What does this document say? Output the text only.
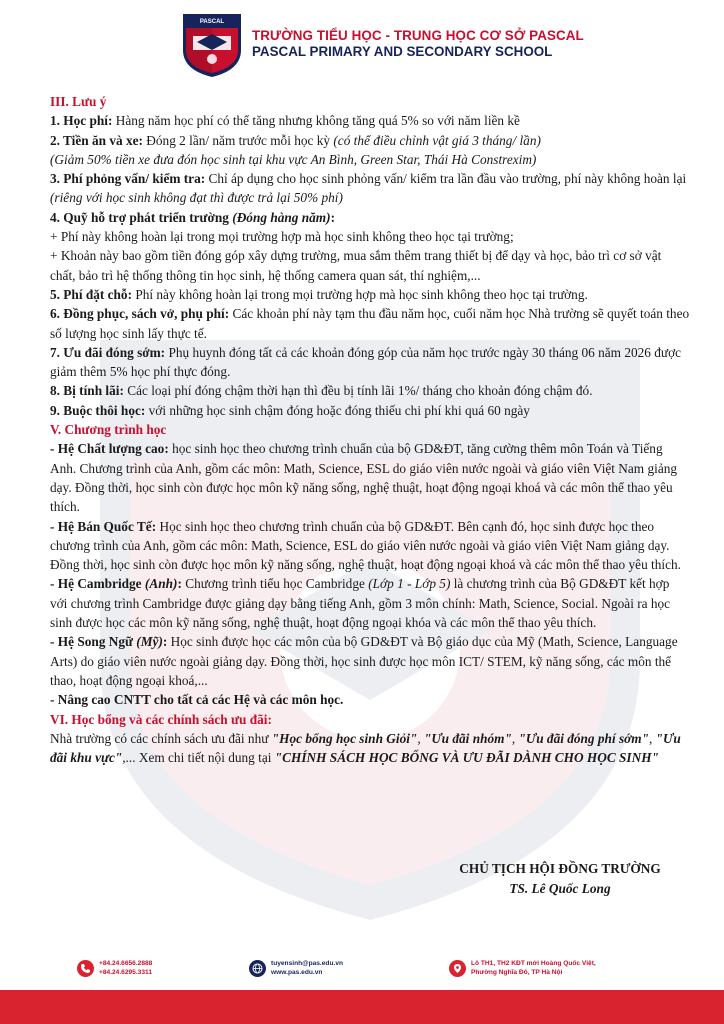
PASCAL
TRƯỜNG TIỂU HỌC - TRUNG HỌC CƠ SỞ PASCAL
PASCAL PRIMARY AND SECONDARY SCHOOL

III. Lưu ý

1. Học phí: Hàng năm học phí có thể tăng nhưng không tăng quá 5% so với năm liền kề

2. Tiền ăn và xe: Đóng 2 lần/ năm trước mỗi học kỳ (có thể điều chỉnh vật giá 3 tháng/ lần)

(Giảm 50% tiền xe đưa đón học sinh tại khu vực An Bình, Green Star, Thái Hà Constrexim)

3. Phí phỏng vấn/ kiểm tra: Chỉ áp dụng cho học sinh phỏng vấn/ kiểm tra lần đầu vào trường, phí này không hoàn lại (riêng với học sinh không đạt thì được trả lại 50% phí)

4. Quỹ hỗ trợ phát triển trường (Đóng hàng năm):

+ Phí này không hoàn lại trong mọi trường hợp mà học sinh không theo học tại trường;

+ Khoản này bao gồm tiền đóng góp xây dựng trường, mua sắm thêm trang thiết bị để dạy và học, bảo trì cơ sở vật chất, bảo trì hệ thống thông tin học sinh, hệ thống camera quan sát, thí nghiệm,...

5. Phí đặt chỗ: Phí này không hoàn lại trong mọi trường hợp mà học sinh không theo học tại trường.

6. Đồng phục, sách vở, phụ phí: Các khoản phí này tạm thu đầu năm học, cuối năm học Nhà trường sẽ quyết toán theo số lượng học sinh lấy thực tế.

7. Ưu đãi đóng sớm: Phụ huynh đóng tất cả các khoản đóng góp của năm học trước ngày 30 tháng 06 năm 2026 được giảm thêm 5% học phí thực đóng.

8. Bị tính lãi: Các loại phí đóng chậm thời hạn thì đều bị tính lãi 1%/ tháng cho khoản đóng chậm đó.

9. Buộc thôi học: với những học sinh chậm đóng hoặc đóng thiếu chi phí khi quá 60 ngày

V. Chương trình học

- Hệ Chất lượng cao: học sinh học theo chương trình chuẩn của bộ GD&ĐT, tăng cường thêm môn Toán và Tiếng Anh. Chương trình của Anh, gồm các môn: Math, Science, ESL do giáo viên nước ngoài và giáo viên Việt Nam giảng dạy. Đồng thời, học sinh còn được học môn kỹ năng sống, nghệ thuật, hoạt động ngoại khoá và các môn thể thao yêu thích.

- Hệ Bán Quốc Tế: Học sinh học theo chương trình chuẩn của bộ GD&ĐT. Bên cạnh đó, học sinh được học theo chương trình của Anh, gồm các môn: Math, Science, ESL do giáo viên nước ngoài và giáo viên Việt Nam giảng dạy. Đồng thời, học sinh còn được học môn kỹ năng sống, nghệ thuật, hoạt động ngoại khoá và các môn thể thao yêu thích.

- Hệ Cambridge (Anh): Chương trình tiểu học Cambridge (Lớp 1 - Lớp 5) là chương trình của Bộ GD&ĐT kết hợp với chương trình Cambridge được giảng dạy bằng tiếng Anh, gồm 3 môn chính: Math, Science, Social. Ngoài ra học sinh được học các môn kỹ năng sống, nghệ thuật, hoạt động ngoại khóa và các môn thể thao yêu thích.

- Hệ Song Ngữ (Mỹ): Học sinh được học các môn của bộ GD&ĐT và Bộ giáo dục của Mỹ (Math, Science, Language Arts) do giáo viên nước ngoài giảng dạy. Đồng thời, học sinh được học môn ICT/ STEM, kỹ năng sống, các môn thể thao, hoạt động ngoại khoá,...

- Nâng cao CNTT cho tất cả các Hệ và các môn học.

VI. Học bổng và các chính sách ưu đãi:

Nhà trường có các chính sách ưu đãi như "Học bổng học sinh Giỏi", "Ưu đãi nhóm", "Ưu đãi đóng phí sớm", "Ưu đãi khu vực",... Xem chi tiết nội dung tại "CHÍNH SÁCH HỌC BỔNG VÀ ƯU ĐÃI DÀNH CHO HỌC SINH"

CHỦ TỊCH HỘI ĐỒNG TRƯỜNG
TS. Lê Quốc Long
+84.24.6656.2888
+84.24.6295.3311
tuyensinh@pas.edu.vn
www.pas.edu.vn
Lô TH1, TH2 KĐT mới Hoàng Quốc Việt,
Phường Nghĩa Đô, TP Hà Nội
